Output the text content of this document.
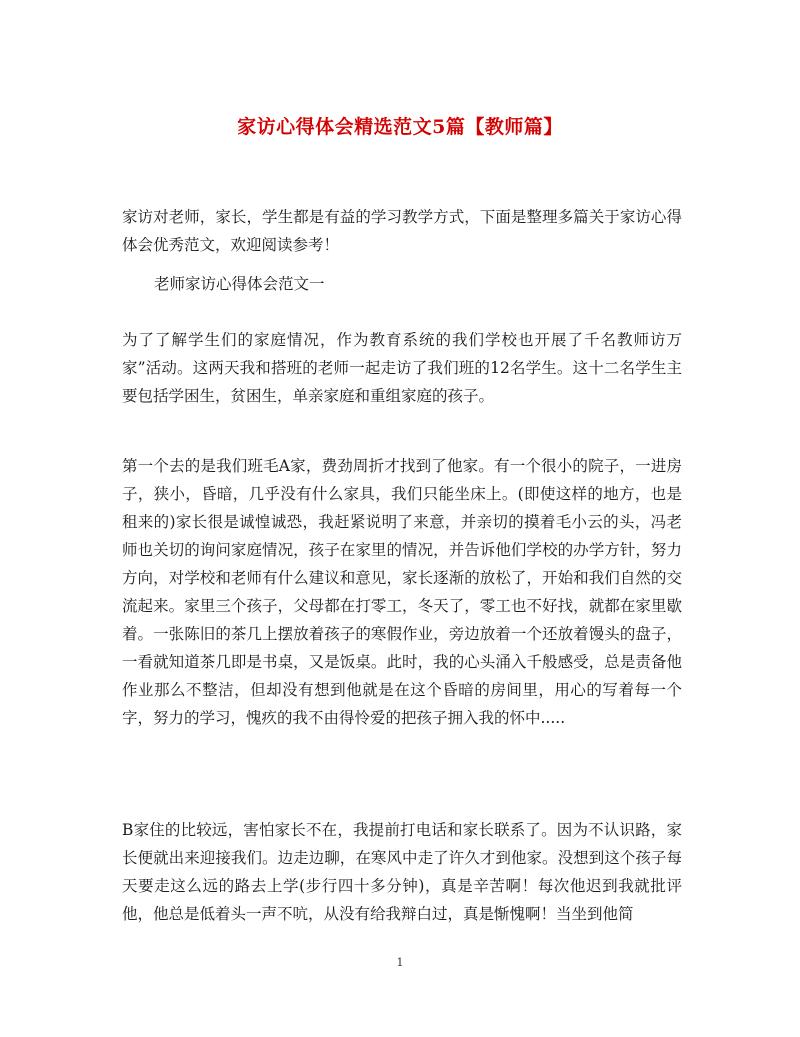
家访心得体会精选范文5篇【教师篇】
家访对老师，家长，学生都是有益的学习教学方式，下面是整理多篇关于家访心得体会优秀范文，欢迎阅读参考！
老师家访心得体会范文一
为了了解学生们的家庭情况，作为教育系统的我们学校也开展了千名教师访万家”活动。这两天我和搭班的老师一起走访了我们班的12名学生。这十二名学生主要包括学困生，贫困生，单亲家庭和重组家庭的孩子。
第一个去的是我们班毛A家，费劲周折才找到了他家。有一个很小的院子，一进房子，狭小，昏暗，几乎没有什么家具，我们只能坐床上。(即使这样的地方，也是租来的)家长很是诚惶诚恐，我赶紧说明了来意，并亲切的摸着毛小云的头，冯老师也关切的询问家庭情况，孩子在家里的情况，并告诉他们学校的办学方针，努力方向，对学校和老师有什么建议和意见，家长逐渐的放松了，开始和我们自然的交流起来。家里三个孩子，父母都在打零工，冬天了，零工也不好找，就都在家里歇着。一张陈旧的茶几上摆放着孩子的寒假作业，旁边放着一个还放着馒头的盘子，一看就知道茶几即是书桌，又是饭桌。此时，我的心头涌入千般感受，总是责备他作业那么不整洁，但却没有想到他就是在这个昏暗的房间里，用心的写着每一个字，努力的学习，愧疚的我不由得怜爱的把孩子拥入我的怀中.....
B家住的比较远，害怕家长不在，我提前打电话和家长联系了。因为不认识路，家长便就出来迎接我们。边走边聊，在寒风中走了许久才到他家。没想到这个孩子每天要走这么远的路去上学(步行四十多分钟)，真是辛苦啊！每次他迟到我就批评他，他总是低着头一声不吭，从没有给我辩白过，真是惭愧啊！当坐到他简
1
